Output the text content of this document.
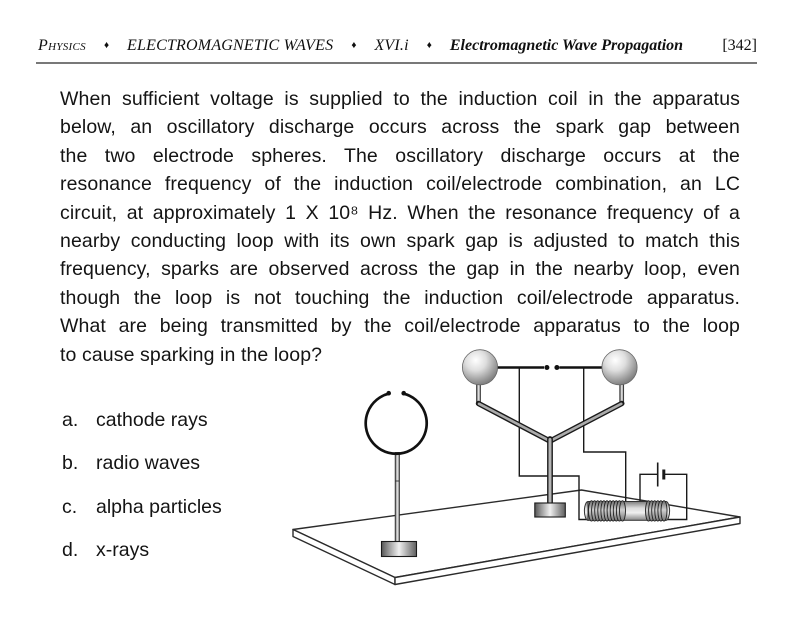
Physics ♦ ELECTROMAGNETIC WAVES ♦ XVI.i ♦ Electromagnetic Wave Propagation [342]
When sufficient voltage is supplied to the induction coil in the apparatus
below, an oscillatory discharge occurs across the spark gap between
the two electrode spheres. The oscillatory discharge occurs at the
resonance frequency of the induction coil/electrode combination, an LC
circuit, at approximately 1 X 10⁸ Hz. When the resonance frequency of a
nearby conducting loop with its own spark gap is adjusted to match this
frequency, sparks are observed across the gap in the nearby loop, even
though the loop is not touching the induction coil/electrode apparatus.
What are being transmitted by the coil/electrode apparatus to the loop
to cause sparking in the loop?
a. cathode rays
b. radio waves
c. alpha particles
d. x-rays
